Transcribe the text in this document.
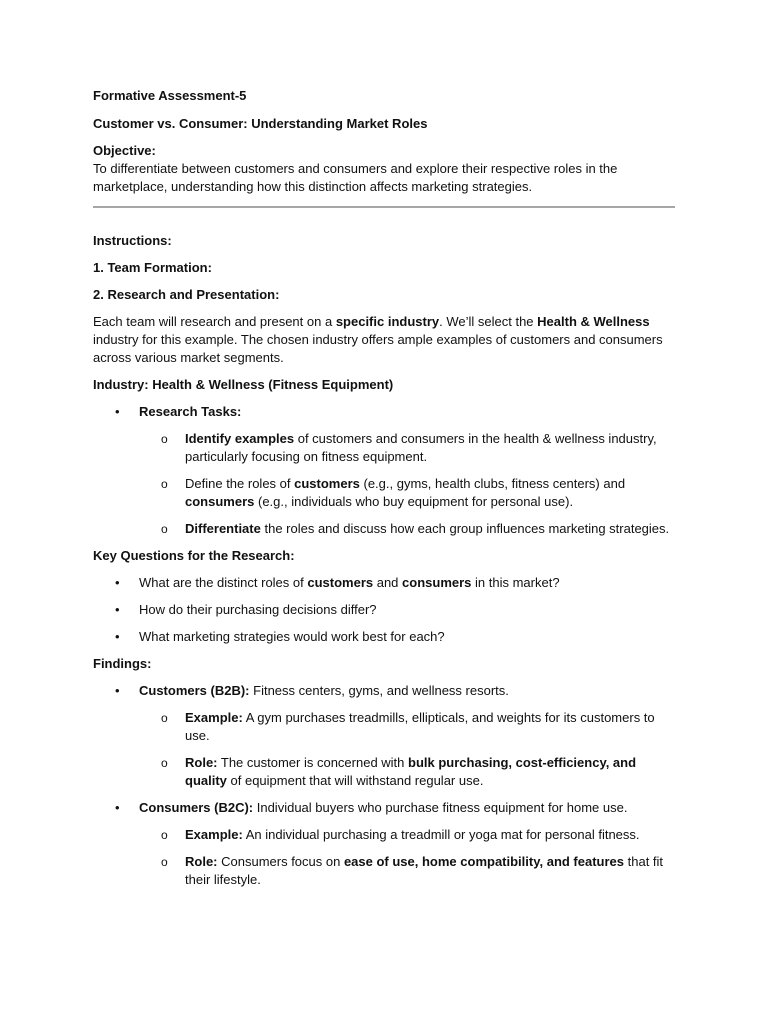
Formative Assessment-5

Customer vs. Consumer: Understanding Market Roles

Objective:

To differentiate between customers and consumers and explore their respective roles in the marketplace, understanding how this distinction affects marketing strategies.

Instructions:

1. Team Formation:

2. Research and Presentation:

Each team will research and present on a specific industry. We’ll select the Health & Wellness industry for this example. The chosen industry offers ample examples of customers and consumers across various market segments.

Industry: Health & Wellness (Fitness Equipment)

• Research Tasks:
o Identify examples of customers and consumers in the health & wellness industry, particularly focusing on fitness equipment.
o Define the roles of customers (e.g., gyms, health clubs, fitness centers) and consumers (e.g., individuals who buy equipment for personal use).
o Differentiate the roles and discuss how each group influences marketing strategies.

Key Questions for the Research:

• What are the distinct roles of customers and consumers in this market?
• How do their purchasing decisions differ?
• What marketing strategies would work best for each?

Findings:

• Customers (B2B): Fitness centers, gyms, and wellness resorts.
o Example: A gym purchases treadmills, ellipticals, and weights for its customers to use.
o Role: The customer is concerned with bulk purchasing, cost-efficiency, and quality of equipment that will withstand regular use.
• Consumers (B2C): Individual buyers who purchase fitness equipment for home use.
o Example: An individual purchasing a treadmill or yoga mat for personal fitness.
o Role: Consumers focus on ease of use, home compatibility, and features that fit their lifestyle.
